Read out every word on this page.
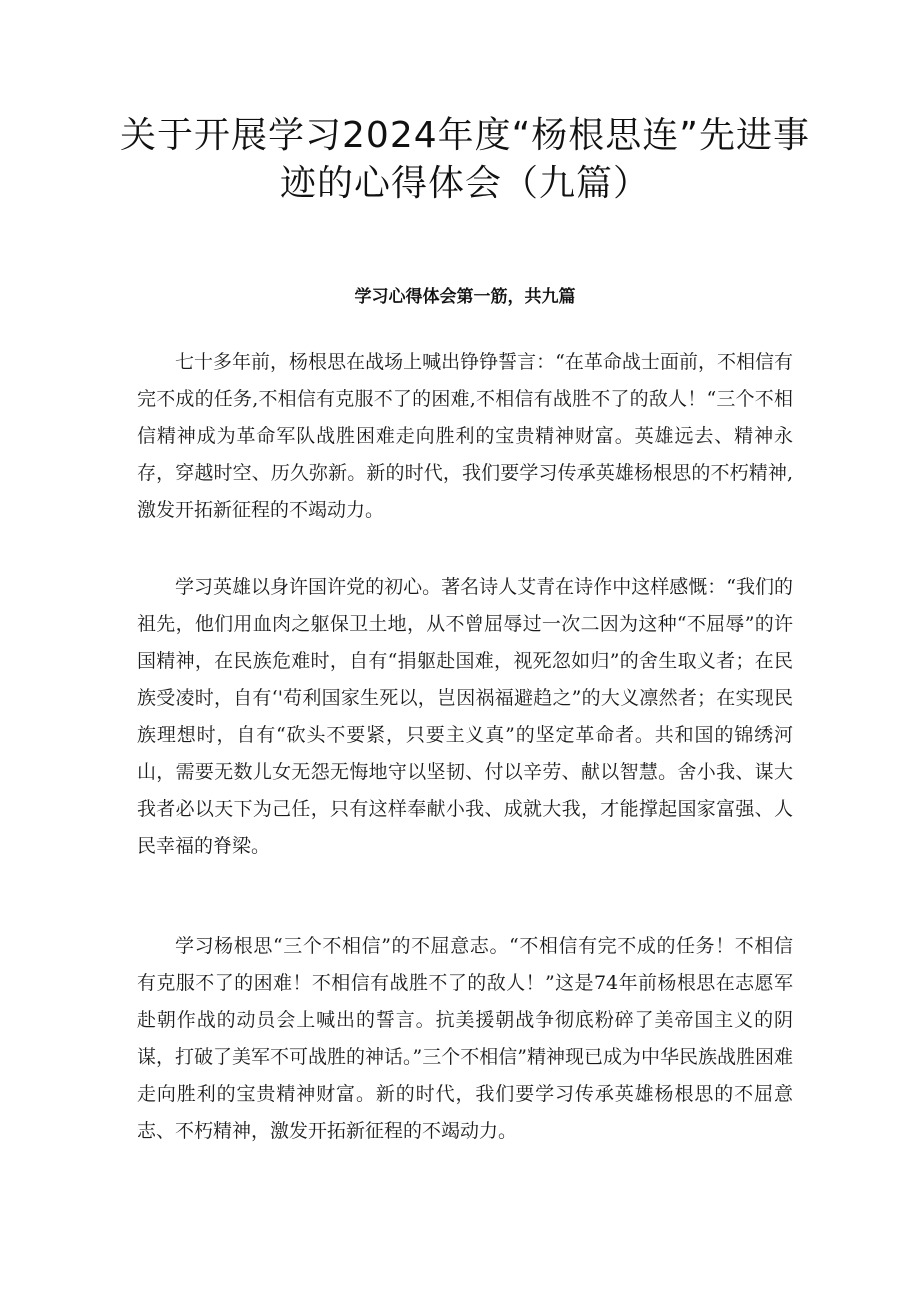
关于开展学习2024年度“杨根思连”先进事
迹的心得体会（九篇）
学习心得体会第一筋，共九篇

七十多年前，杨根思在战场上喊出铮铮誓言：“在革命战士面前，不相信有完不成的任务,不相信有克服不了的困难,不相信有战胜不了的敌人！“三个不相信精神成为革命军队战胜困难走向胜利的宝贵精神财富。英雄远去、精神永存，穿越时空、历久弥新。新的时代，我们要学习传承英雄杨根思的不朽精神,激发开拓新征程的不竭动力。

学习英雄以身许国许党的初心。著名诗人艾青在诗作中这样感慨：“我们的祖先，他们用血肉之躯保卫土地，从不曾屈辱过一次二因为这种“不屈辱”的许国精神，在民族危难时，自有“捐躯赴国难，视死忽如归”的舍生取义者；在民族受凌时，自有‘'苟利国家生死以，岂因祸福避趋之”的大义凛然者；在实现民族理想时，自有“砍头不要紧，只要主义真”的坚定革命者。共和国的锦绣河山，需要无数儿女无怨无悔地守以坚韧、付以辛劳、献以智慧。舍小我、谋大我者必以天下为己任，只有这样奉献小我、成就大我，才能撑起国家富强、人民幸福的脊梁。

学习杨根思“三个不相信”的不屈意志。“不相信有完不成的任务！不相信有克服不了的困难！不相信有战胜不了的敌人！”这是74年前杨根思在志愿军赴朝作战的动员会上喊出的誓言。抗美援朝战争彻底粉碎了美帝国主义的阴谋，打破了美军不可战胜的神话。”三个不相信”精神现已成为中华民族战胜困难走向胜利的宝贵精神财富。新的时代，我们要学习传承英雄杨根思的不屈意志、不朽精神，激发开拓新征程的不竭动力。
